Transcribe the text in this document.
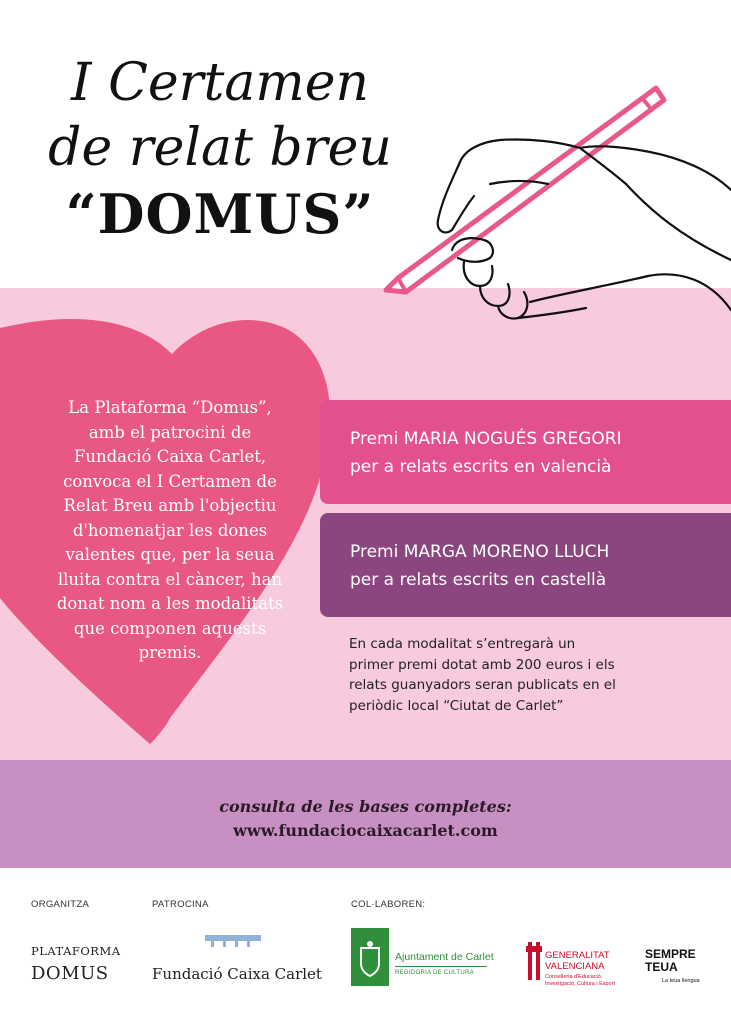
I Certamen
de relat breu
“DOMUS”
La Plataforma “Domus”,
amb el patrocini de
Fundació Caixa Carlet,
convoca el I Certamen de
Relat Breu amb l'objectiu
d'homenatjar les dones
valentes que, per la seua
lluita contra el càncer, han
donat nom a les modalitats
que componen aquests
premis.
Premi MARIA NOGUÉS GREGORI
per a relats escrits en valencià
Premi MARGA MORENO LLUCH
per a relats escrits en castellà
En cada modalitat s’entregarà un
primer premi dotat amb 200 euros i els
relats guanyadors seran publicats en el
periòdic local “Ciutat de Carlet”
consulta de les bases completes:
www.fundaciocaixacarlet.com
ORGANITZA	PATROCINA	COL·LABOREN:
PLATAFORMA
DOMUS	Fundació Caixa Carlet
Ajuntament de Carlet
REGIDORIA DE CULTURA
GENERALITAT
VALENCIANA
Conselleria d'Educació,
Investigació, Cultura i Esport
SEMPRE
TEUA
La teua llengua
